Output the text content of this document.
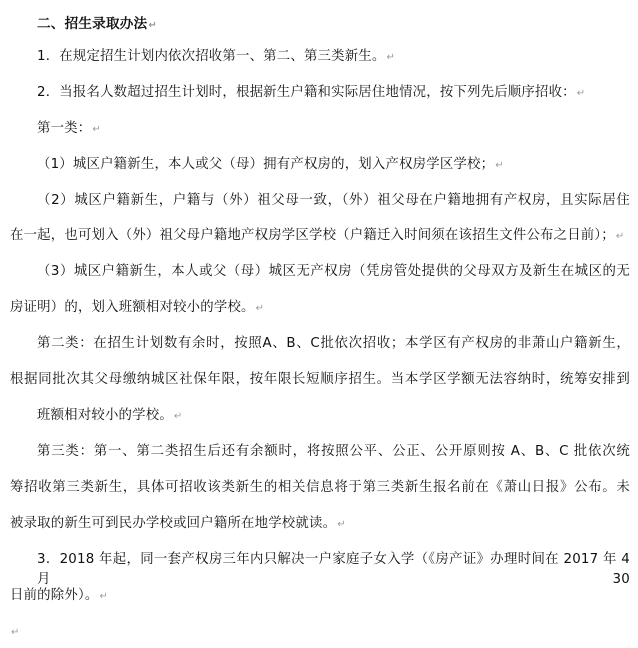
二、招生录取办法↵
1．在规定招生计划内依次招收第一、第二、第三类新生。↵
2．当报名人数超过招生计划时，根据新生户籍和实际居住地情况，按下列先后顺序招收：↵
第一类：↵
（1）城区户籍新生，本人或父（母）拥有产权房的，划入产权房学区学校；↵
（2）城区户籍新生，户籍与（外）祖父母一致，（外）祖父母在户籍地拥有产权房，且实际居住
在一起，也可划入（外）祖父母户籍地产权房学区学校（户籍迁入时间须在该招生文件公布之日前）；↵
（3）城区户籍新生，本人或父（母）城区无产权房（凭房管处提供的父母双方及新生在城区的无
房证明）的，划入班额相对较小的学校。↵
第二类：在招生计划数有余时，按照A、B、C批依次招收；本学区有产权房的非萧山户籍新生，
根据同批次其父母缴纳城区社保年限，按年限长短顺序招生。当本学区学额无法容纳时，统筹安排到
班额相对较小的学校。↵
第三类：第一、第二类招生后还有余额时，将按照公平、公正、公开原则按 A、B、C 批依次统
筹招收第三类新生，具体可招收该类新生的相关信息将于第三类新生报名前在《萧山日报》公布。未
被录取的新生可到民办学校或回户籍所在地学校就读。↵
3．2018 年起，同一套产权房三年内只解决一户家庭子女入学（《房产证》办理时间在 2017 年 4 月 30
日前的除外）。↵
↵
